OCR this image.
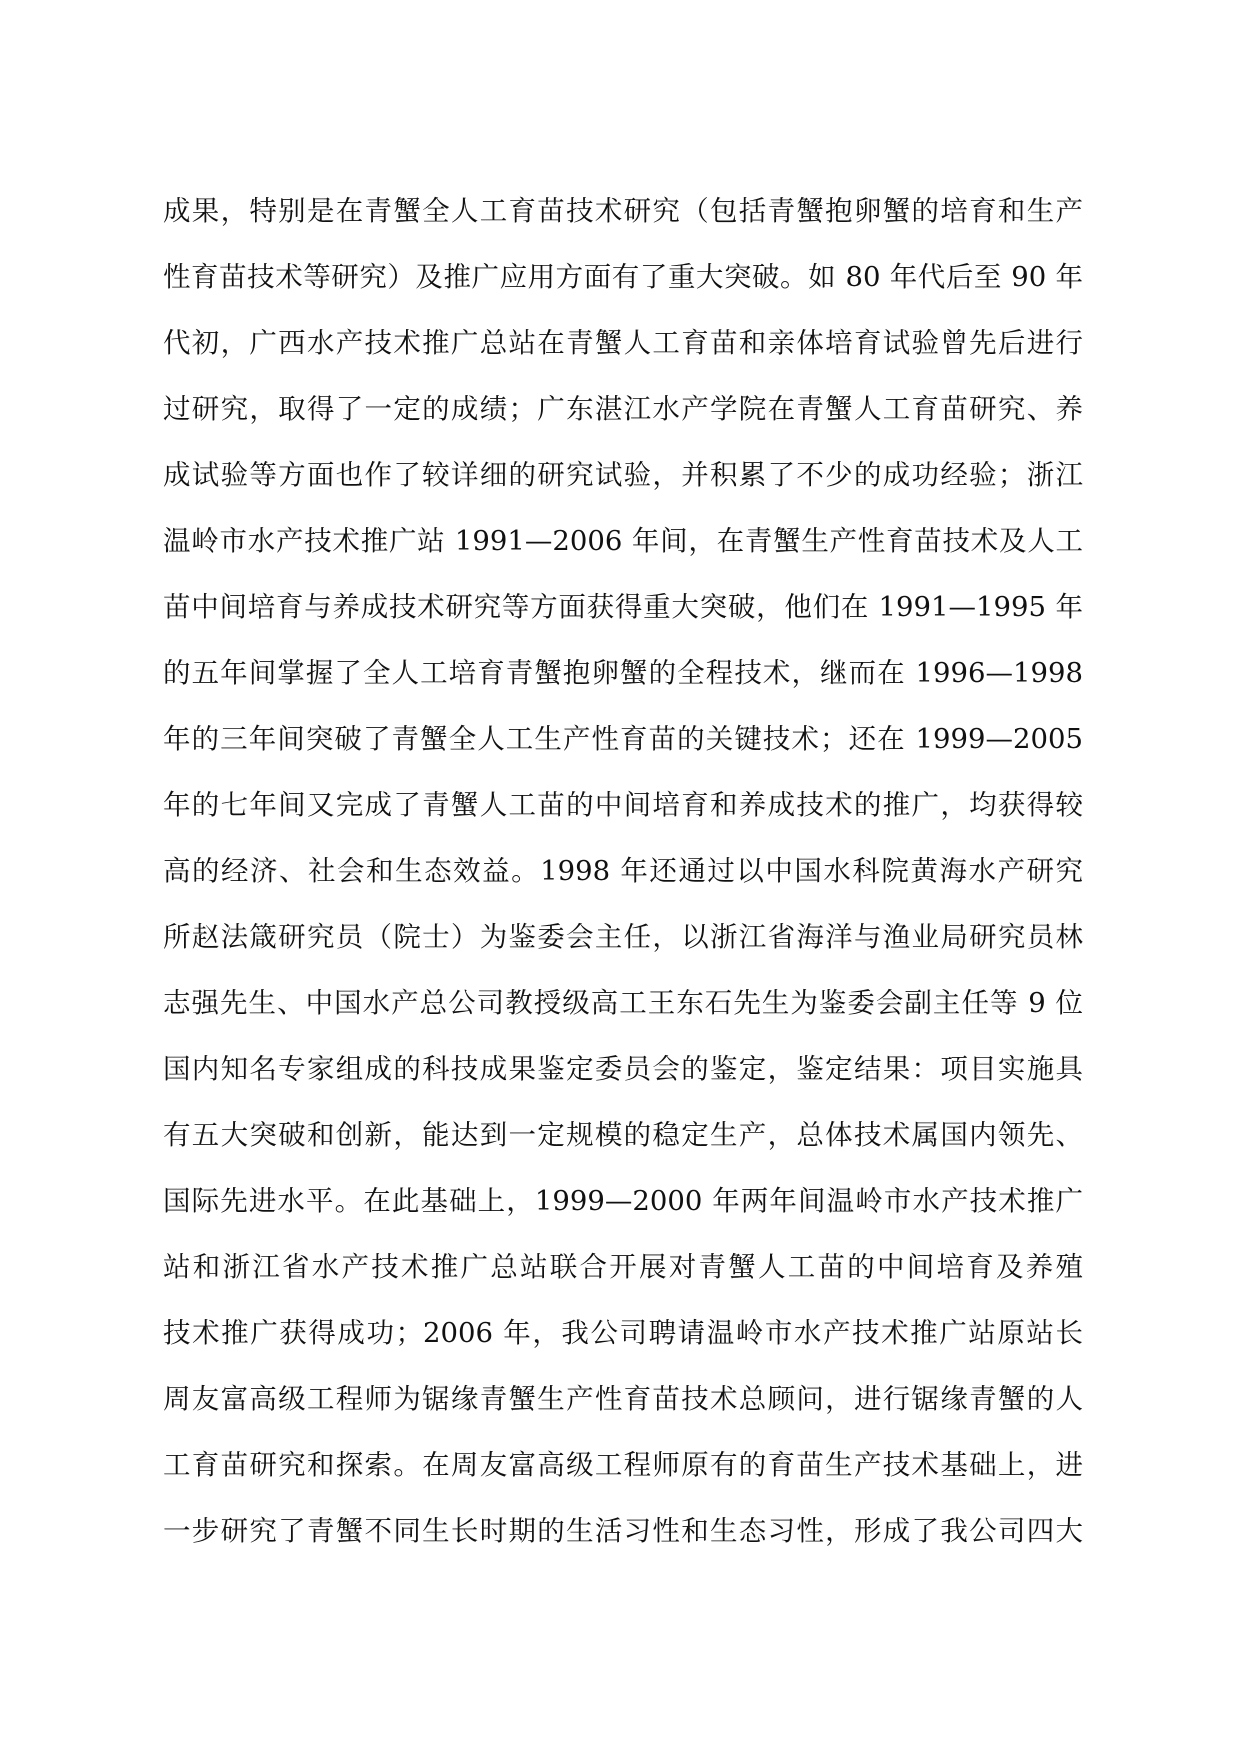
成果，特别是在青蟹全人工育苗技术研究（包括青蟹抱卵蟹的培育和生产
性育苗技术等研究）及推广应用方面有了重大突破。如 80 年代后至 90 年
代初，广西水产技术推广总站在青蟹人工育苗和亲体培育试验曾先后进行
过研究，取得了一定的成绩；广东湛江水产学院在青蟹人工育苗研究、养
成试验等方面也作了较详细的研究试验，并积累了不少的成功经验；浙江
温岭市水产技术推广站 1991—2006 年间，在青蟹生产性育苗技术及人工
苗中间培育与养成技术研究等方面获得重大突破，他们在 1991—1995 年
的五年间掌握了全人工培育青蟹抱卵蟹的全程技术，继而在 1996—1998
年的三年间突破了青蟹全人工生产性育苗的关键技术；还在 1999—2005
年的七年间又完成了青蟹人工苗的中间培育和养成技术的推广，均获得较
高的经济、社会和生态效益。1998 年还通过以中国水科院黄海水产研究
所赵法箴研究员（院士）为鉴委会主任，以浙江省海洋与渔业局研究员林
志强先生、中国水产总公司教授级高工王东石先生为鉴委会副主任等 9 位
国内知名专家组成的科技成果鉴定委员会的鉴定，鉴定结果：项目实施具
有五大突破和创新，能达到一定规模的稳定生产，总体技术属国内领先、
国际先进水平。在此基础上，1999—2000 年两年间温岭市水产技术推广
站和浙江省水产技术推广总站联合开展对青蟹人工苗的中间培育及养殖
技术推广获得成功；2006 年，我公司聘请温岭市水产技术推广站原站长
周友富高级工程师为锯缘青蟹生产性育苗技术总顾问，进行锯缘青蟹的人
工育苗研究和探索。在周友富高级工程师原有的育苗生产技术基础上，进
一步研究了青蟹不同生长时期的生活习性和生态习性，形成了我公司四大
